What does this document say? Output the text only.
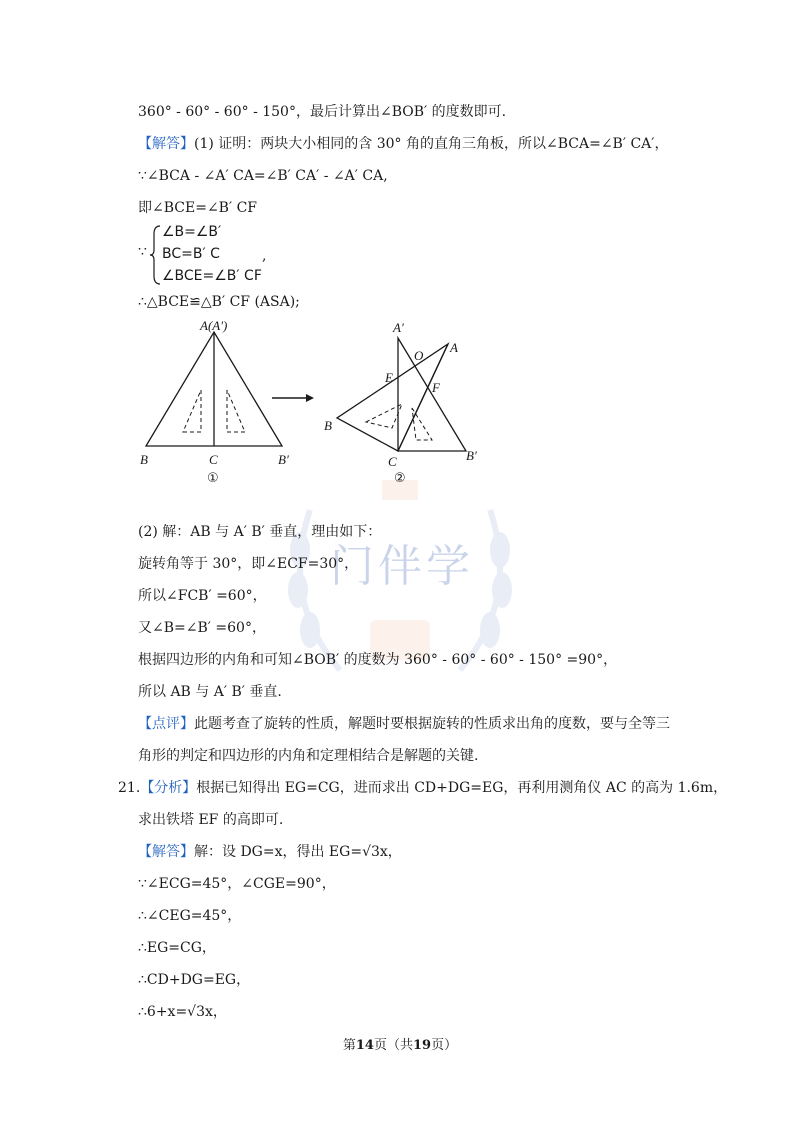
门伴学
360° - 60° - 60° - 150°，最后计算出∠BOB′ 的度数即可.
【解答】(1) 证明：两块大小相同的含 30° 角的直角三角板，所以∠BCA=∠B′ CA′，
∵∠BCA - ∠A′ CA=∠B′ CA′ - ∠A′ CA,
即∠BCE=∠B′ CF
∵
∠B=∠B′
BC=B′ C
∠BCE=∠B′ CF
,
∴△BCE≌△B′ CF (ASA);
A(A′)
B	C	B′
①
A′
O
A
E
F
B
C	B′
②
(2) 解：AB 与 A′ B′ 垂直，理由如下：
旋转角等于 30°，即∠ECF=30°，
所以∠FCB′ =60°，
又∠B=∠B′ =60°，
根据四边形的内角和可知∠BOB′ 的度数为 360° - 60° - 60° - 150° =90°，
所以 AB 与 A′ B′ 垂直.
【点评】此题考查了旋转的性质，解题时要根据旋转的性质求出角的度数，要与全等三
角形的判定和四边形的内角和定理相结合是解题的关键.
21.【分析】根据已知得出 EG=CG，进而求出 CD+DG=EG，再利用测角仪 AC 的高为 1.6m，
求出铁塔 EF 的高即可.
【解答】解：设 DG=x，得出 EG=√3x，
∵∠ECG=45°，∠CGE=90°，
∴∠CEG=45°，
∴EG=CG，
∴CD+DG=EG，
∴6+x=√3x，
第14页（共19页）
